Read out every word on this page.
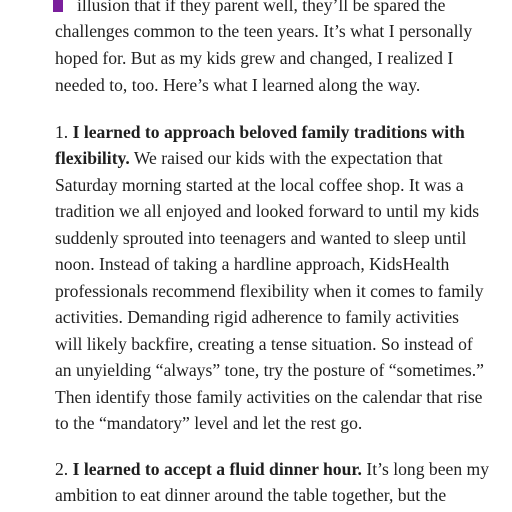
illusion that if they parent well, they’ll be spared the
challenges common to the teen years. It’s what I personally
hoped for. But as my kids grew and changed, I realized I
needed to, too. Here’s what I learned along the way.
1. I learned to approach beloved family traditions with
flexibility. We raised our kids with the expectation that
Saturday morning started at the local coffee shop. It was a
tradition we all enjoyed and looked forward to until my kids
suddenly sprouted into teenagers and wanted to sleep until
noon. Instead of taking a hardline approach, KidsHealth
professionals recommend flexibility when it comes to family
activities. Demanding rigid adherence to family activities
will likely backfire, creating a tense situation. So instead of
an unyielding “always” tone, try the posture of “sometimes.”
Then identify those family activities on the calendar that rise
to the “mandatory” level and let the rest go.
2. I learned to accept a fluid dinner hour. It’s long been my
ambition to eat dinner around the table together, but the
